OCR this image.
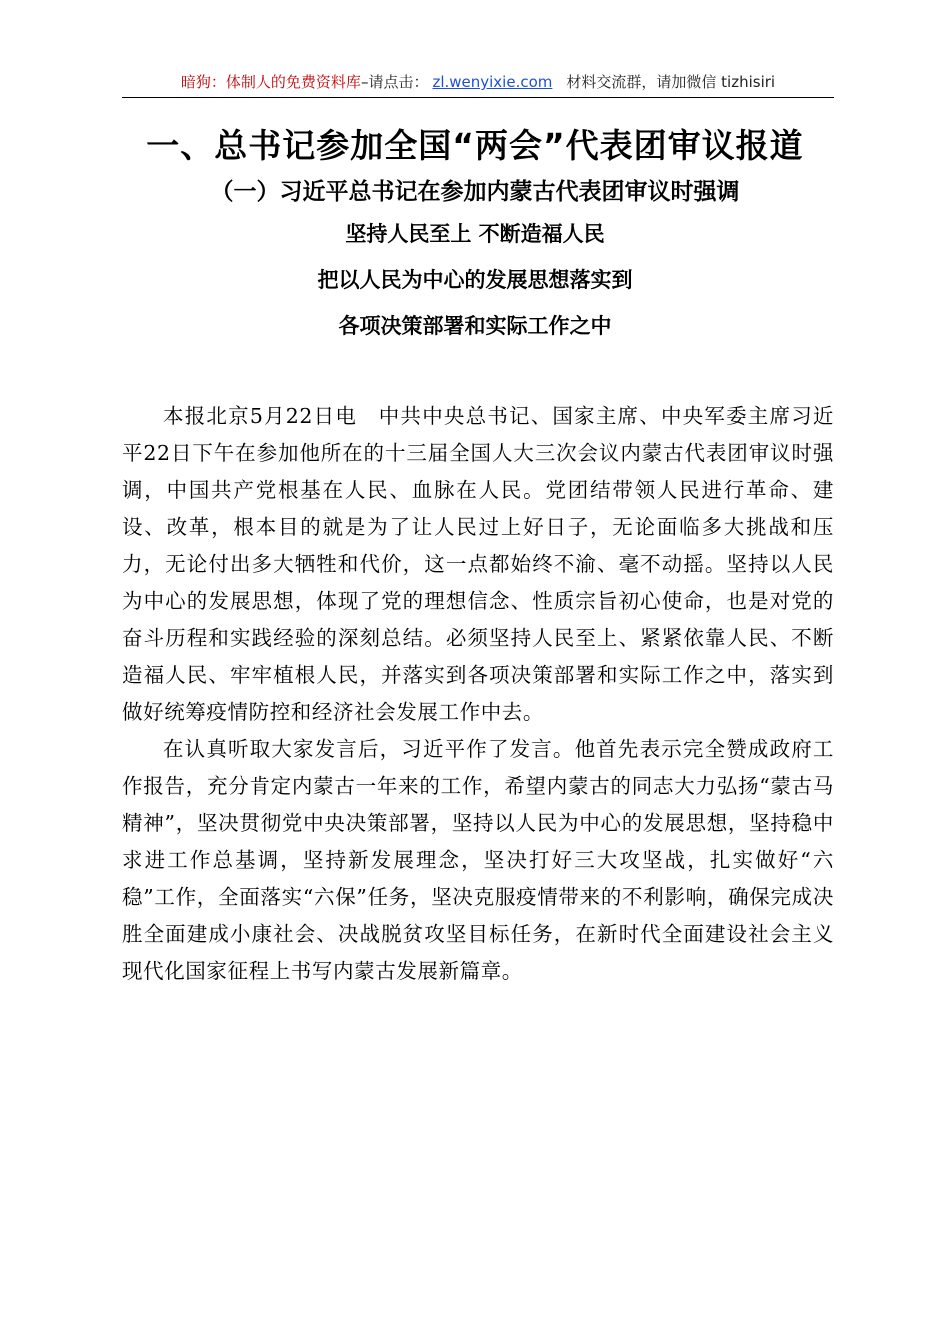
暗狗：体制人的免费资料库–请点击： zl.wenyixie.com 材料交流群，请加微信 tizhisiri
一、总书记参加全国“两会”代表团审议报道
（一）习近平总书记在参加内蒙古代表团审议时强调
坚持人民至上 不断造福人民
把以人民为中心的发展思想落实到
各项决策部署和实际工作之中

本报北京5月22日电　中共中央总书记、国家主席、中央军委主席习近平22日下午在参加他所在的十三届全国人大三次会议内蒙古代表团审议时强调，中国共产党根基在人民、血脉在人民。党团结带领人民进行革命、建设、改革，根本目的就是为了让人民过上好日子，无论面临多大挑战和压力，无论付出多大牺牲和代价，这一点都始终不渝、毫不动摇。坚持以人民为中心的发展思想，体现了党的理想信念、性质宗旨初心使命，也是对党的奋斗历程和实践经验的深刻总结。必须坚持人民至上、紧紧依靠人民、不断造福人民、牢牢植根人民，并落实到各项决策部署和实际工作之中，落实到做好统筹疫情防控和经济社会发展工作中去。

在认真听取大家发言后，习近平作了发言。他首先表示完全赞成政府工作报告，充分肯定内蒙古一年来的工作，希望内蒙古的同志大力弘扬“蒙古马精神”，坚决贯彻党中央决策部署，坚持以人民为中心的发展思想，坚持稳中求进工作总基调，坚持新发展理念，坚决打好三大攻坚战，扎实做好“六稳”工作，全面落实“六保”任务，坚决克服疫情带来的不利影响，确保完成决胜全面建成小康社会、决战脱贫攻坚目标任务，在新时代全面建设社会主义现代化国家征程上书写内蒙古发展新篇章。
